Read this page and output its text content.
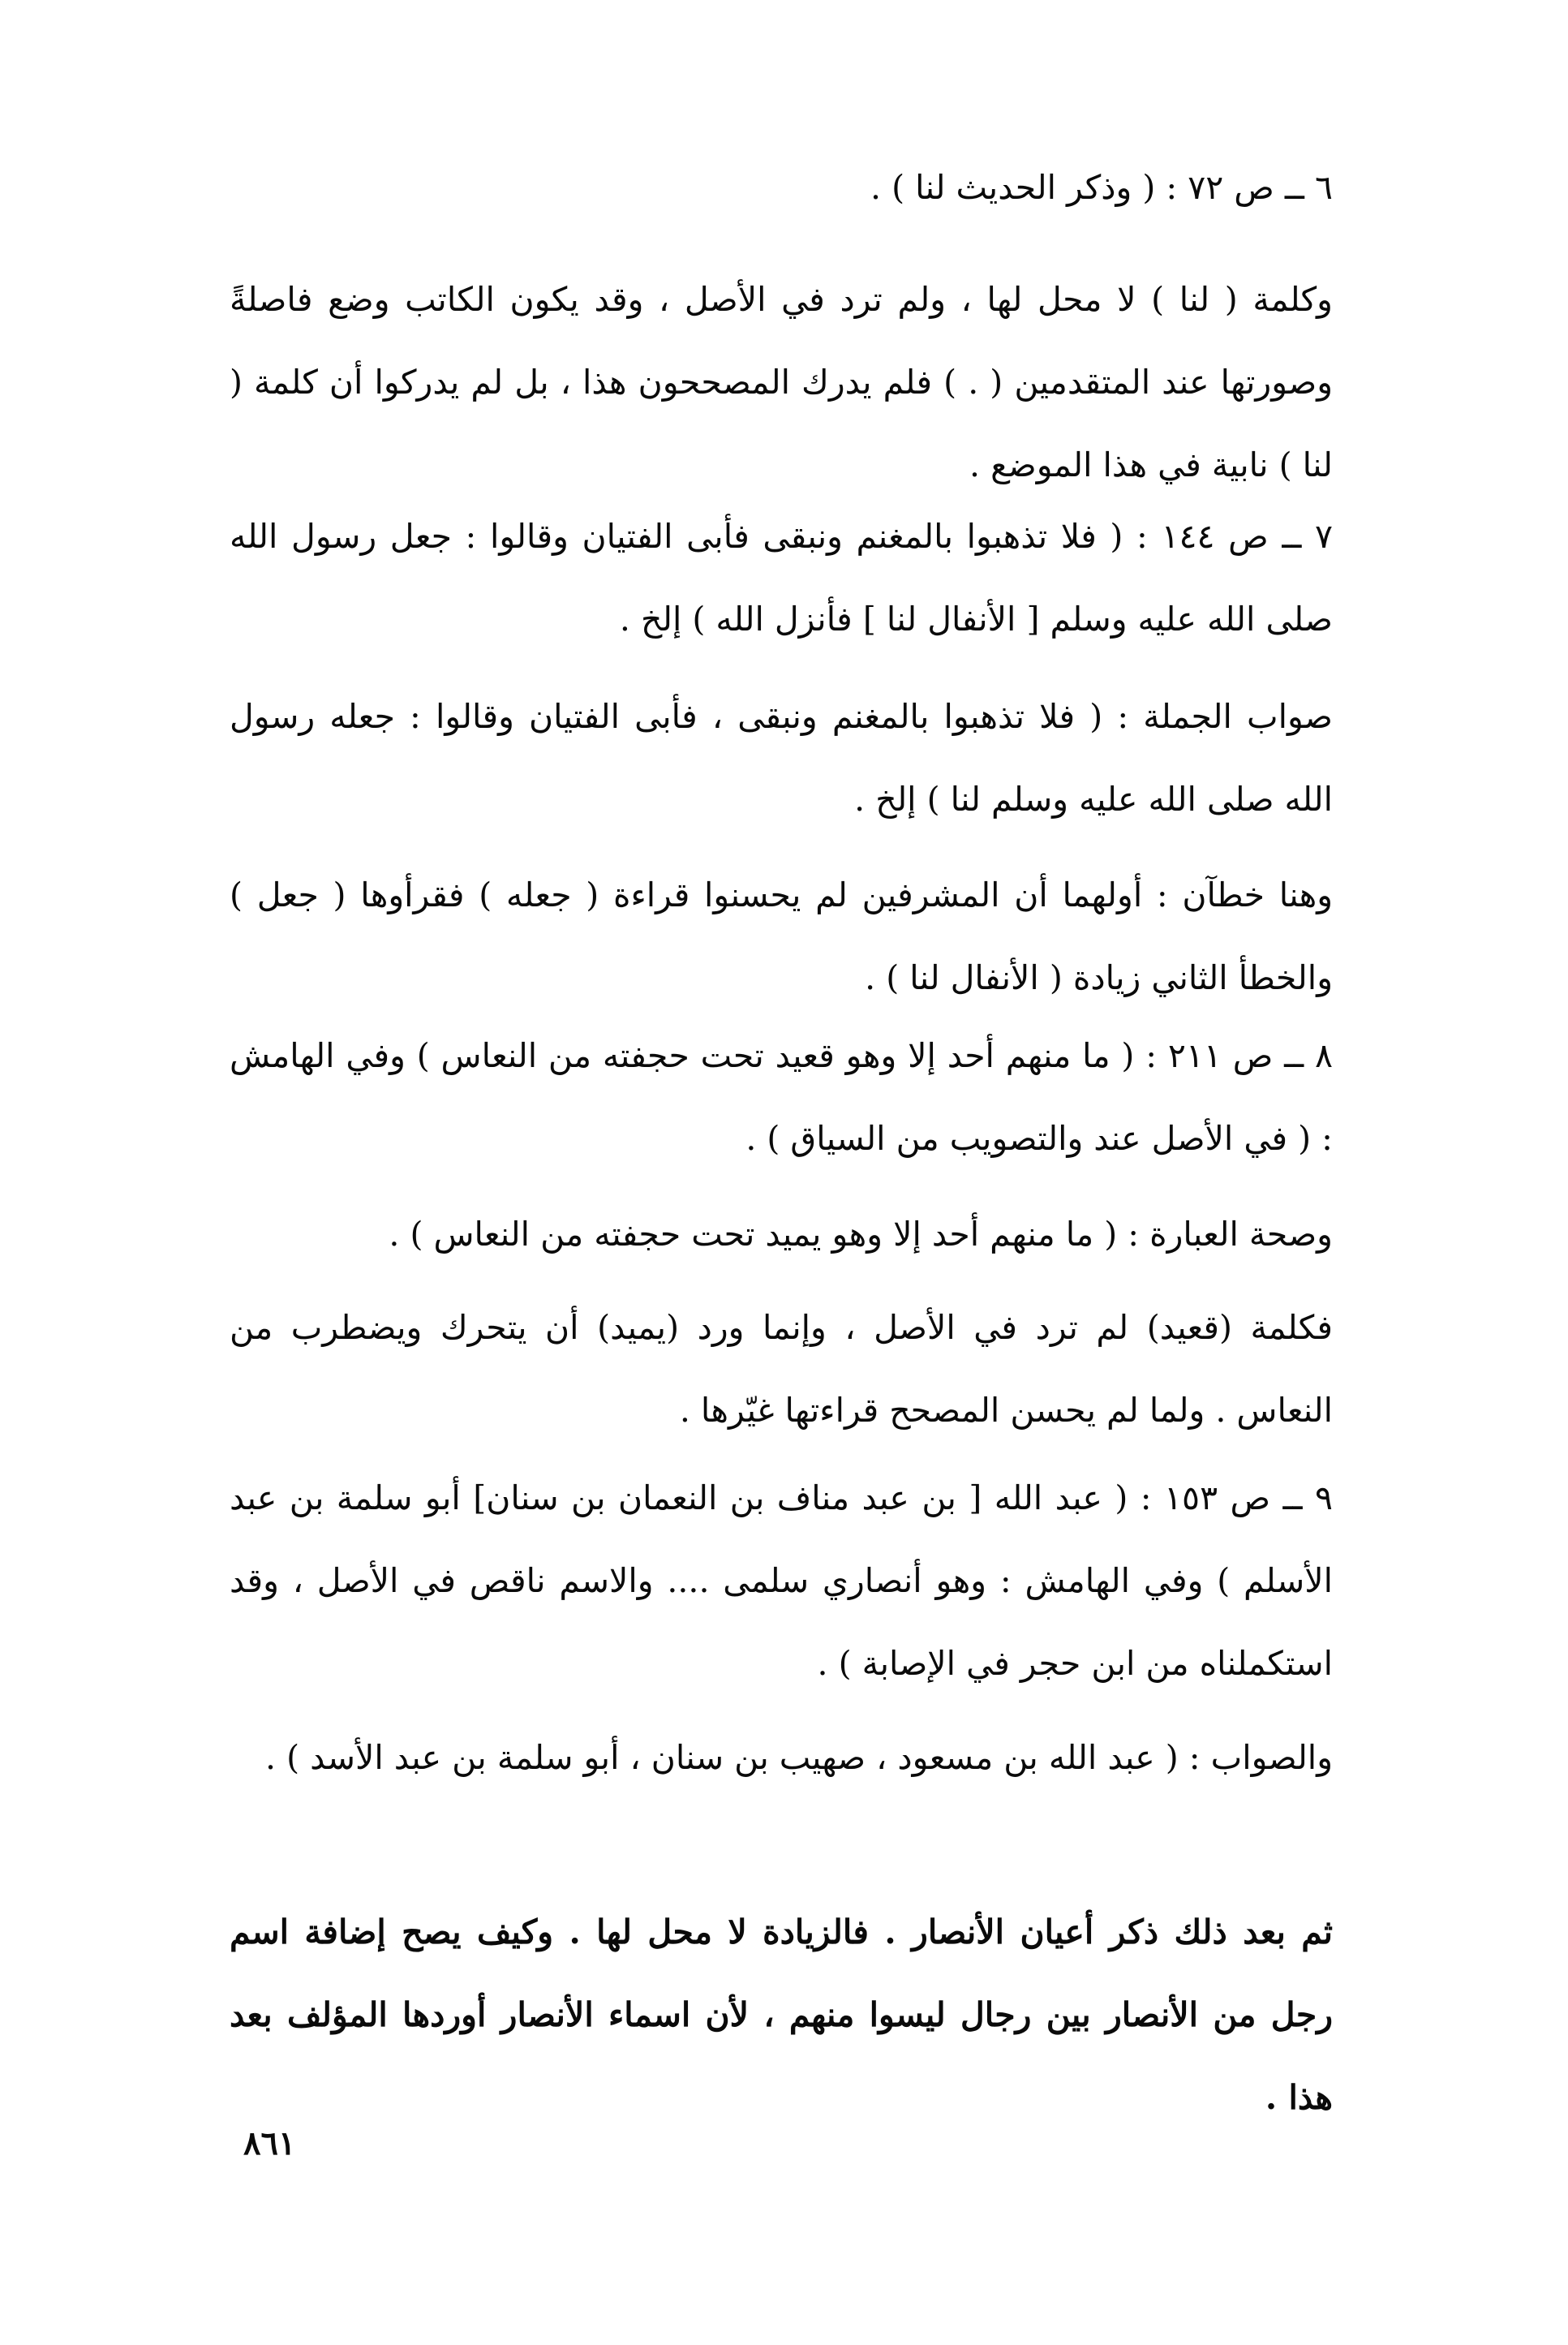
٦ ــ ص ٧٢ : ( وذكر الحديث لنا ) .

وكلمة ( لنا ) لا محل لها ، ولم ترد في الأصل ، وقد يكون الكاتب وضع فاصلةً وصورتها عند المتقدمين ( . ) فلم يدرك المصححون هذا ، بل لم يدركوا أن كلمة ( لنا ) نابية في هذا الموضع .

٧ ــ ص ١٤٤ : ( فلا تذهبوا بالمغنم ونبقى فأبى الفتيان وقالوا : جعل رسول الله صلى الله عليه وسلم [ الأنفال لنا ] فأنزل الله ) إلخ .

صواب الجملة : ( فلا تذهبوا بالمغنم ونبقى ، فأبى الفتيان وقالوا : جعله رسول الله صلى الله عليه وسلم لنا ) إلخ .

وهنا خطآن : أولهما أن المشرفين لم يحسنوا قراءة ( جعله ) فقرأوها ( جعل ) والخطأ الثاني زيادة ( الأنفال لنا ) .

٨ ــ ص ٢١١ : ( ما منهم أحد إلا وهو قعيد تحت حجفته من النعاس ) وفي الهامش : ( في الأصل عند والتصويب من السياق ) .

وصحة العبارة : ( ما منهم أحد إلا وهو يميد تحت حجفته من النعاس ) .

فكلمة (قعيد) لم ترد في الأصل ، وإنما ورد (يميد) أن يتحرك ويضطرب من النعاس . ولما لم يحسن المصحح قراءتها غيّرها .

٩ ــ ص ١٥٣ : ( عبد الله [ بن عبد مناف بن النعمان بن سنان] أبو سلمة بن عبد الأسلم ) وفي الهامش : وهو أنصاري سلمى .... والاسم ناقص في الأصل ، وقد استكملناه من ابن حجر في الإصابة ) .

والصواب : ( عبد الله بن مسعود ، صهيب بن سنان ، أبو سلمة بن عبد الأسد ) .

ثم بعد ذلك ذكر أعيان الأنصار . فالزيادة لا محل لها . وكيف يصح إضافة اسم رجل من الأنصار بين رجال ليسوا منهم ، لأن اسماء الأنصار أوردها المؤلف بعد هذا .

٨٦١
